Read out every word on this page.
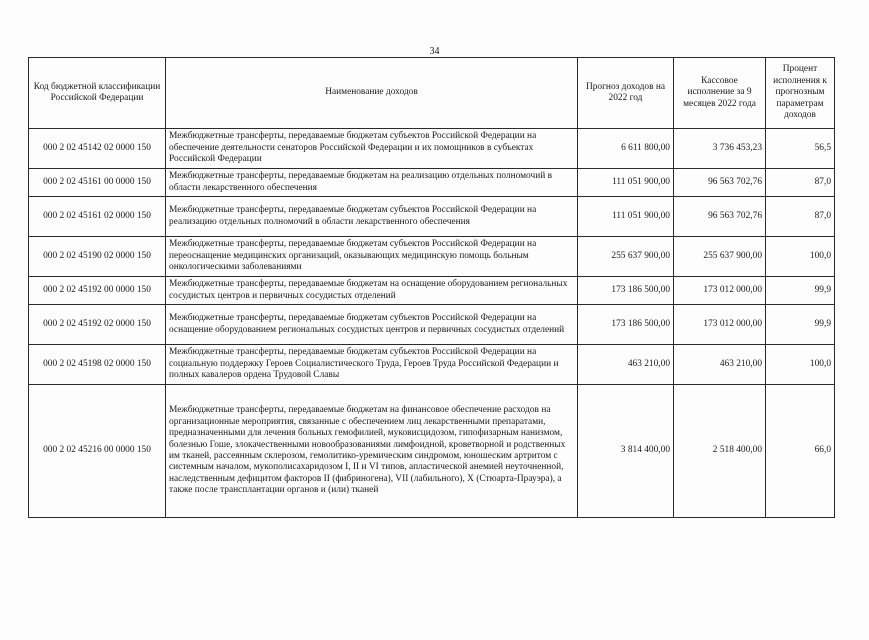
34
Код бюджетной классификации Российской Федерации	Наименование доходов	Прогноз доходов на 2022 год	Кассовое исполнение за 9 месяцев 2022 года	Процент исполнения к прогнозным параметрам доходов
000 2 02 45142 02 0000 150	Межбюджетные трансферты, передаваемые бюджетам субъектов Российской Федерации на обеспечение деятельности сенаторов Российской Федерации и их помощников в субъектах Российской Федерации	6 611 800,00	3 736 453,23	56,5
000 2 02 45161 00 0000 150	Межбюджетные трансферты, передаваемые бюджетам на реализацию отдельных полномочий в области лекарственного обеспечения	111 051 900,00	96 563 702,76	87,0
000 2 02 45161 02 0000 150	Межбюджетные трансферты, передаваемые бюджетам субъектов Российской Федерации на реализацию отдельных полномочий в области лекарственного обеспечения	111 051 900,00	96 563 702,76	87,0
000 2 02 45190 02 0000 150	Межбюджетные трансферты, передаваемые бюджетам субъектов Российской Федерации на переоснащение медицинских организаций, оказывающих медицинскую помощь больным онкологическими заболеваниями	255 637 900,00	255 637 900,00	100,0
000 2 02 45192 00 0000 150	Межбюджетные трансферты, передаваемые бюджетам на оснащение оборудованием региональных сосудистых центров и первичных сосудистых отделений	173 186 500,00	173 012 000,00	99,9
000 2 02 45192 02 0000 150	Межбюджетные трансферты, передаваемые бюджетам субъектов Российской Федерации на оснащение оборудованием региональных сосудистых центров и первичных сосудистых отделений	173 186 500,00	173 012 000,00	99,9
000 2 02 45198 02 0000 150	Межбюджетные трансферты, передаваемые бюджетам субъектов Российской Федерации на социальную поддержку Героев Социалистического Труда, Героев Труда Российской Федерации и полных кавалеров ордена Трудовой Славы	463 210,00	463 210,00	100,0
000 2 02 45216 00 0000 150	Межбюджетные трансферты, передаваемые бюджетам на финансовое обеспечение расходов на организационные мероприятия, связанные с обеспечением лиц лекарственными препаратами, предназначенными для лечения больных гемофилией, муковисцидозом, гипофизарным нанизмом, болезнью Гоше, злокачественными новообразованиями лимфоидной, кроветворной и родственных им тканей, рассеянным склерозом, гемолитико-уремическим синдромом, юношеским артритом с системным началом, мукополисахаридозом I, II и VI типов, апластической анемией неуточненной, наследственным дефицитом факторов II (фибриногена), VII (лабильного), X (Стюарта-Прауэра), а также после трансплантации органов и (или) тканей	3 814 400,00	2 518 400,00	66,0
